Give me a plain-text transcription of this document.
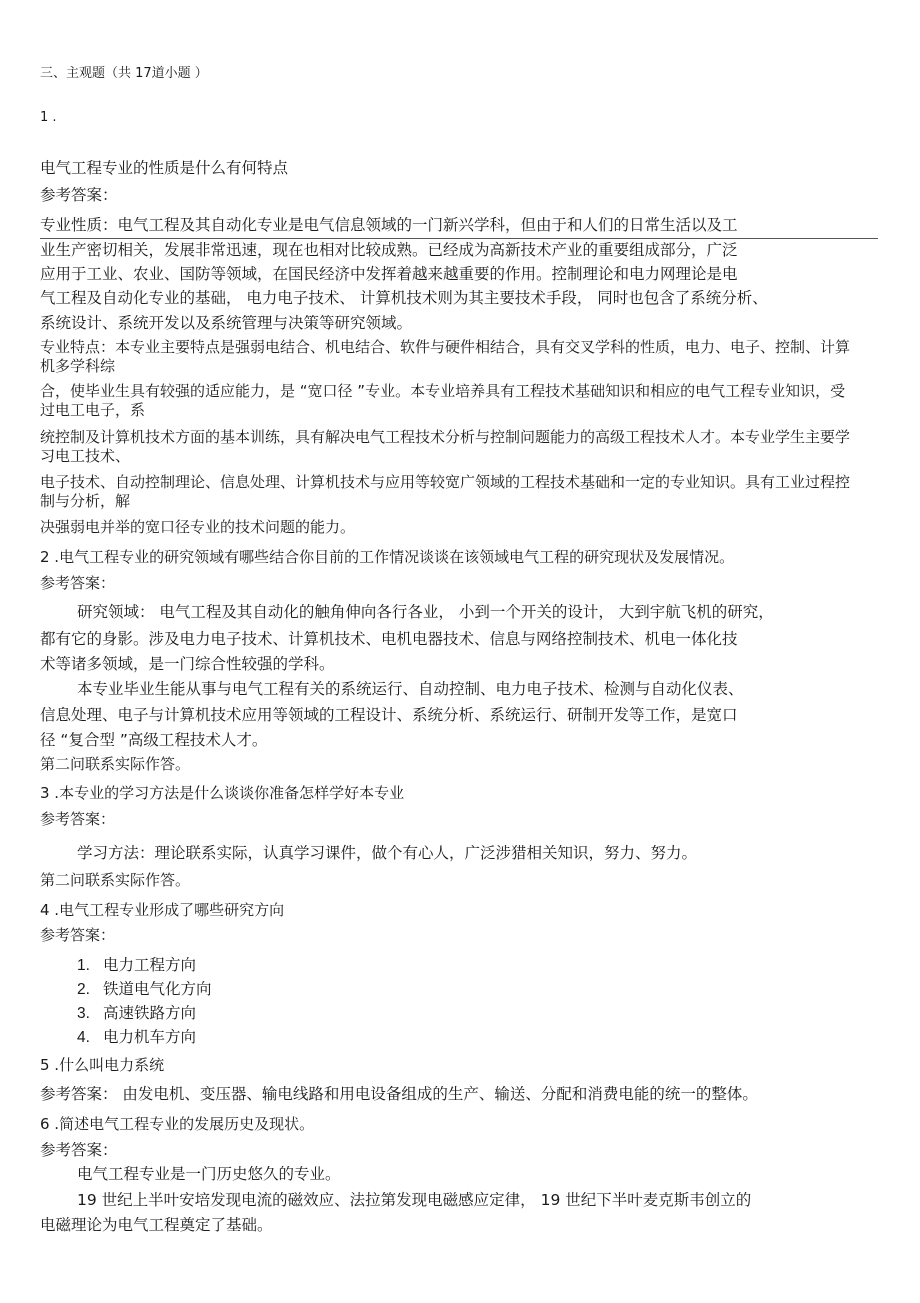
三、主观题（共 17道小题 ）
1 .
电气工程专业的性质是什么有何特点
参考答案：
专业性质：电气工程及其自动化专业是电气信息领域的一门新兴学科，但由于和人们的日常生活以及工
业生产密切相关，发展非常迅速，现在也相对比较成熟。已经成为高新技术产业的重要组成部分，广泛
应用于工业、农业、国防等领域，在国民经济中发挥着越来越重要的作用。控制理论和电力网理论是电
气工程及自动化专业的基础， 电力电子技术、 计算机技术则为其主要技术手段， 同时也包含了系统分析、
系统设计、系统开发以及系统管理与决策等研究领域。
专业特点：本专业主要特点是强弱电结合、机电结合、软件与硬件相结合，具有交叉学科的性质，电力、电子、控制、计算
机多学科综
合，使毕业生具有较强的适应能力，是 “宽口径 ”专业。本专业培养具有工程技术基础知识和相应的电气工程专业知识，受
过电工电子，系
统控制及计算机技术方面的基本训练，具有解决电气工程技术分析与控制问题能力的高级工程技术人才。本专业学生主要学
习电工技术、
电子技术、自动控制理论、信息处理、计算机技术与应用等较宽广领域的工程技术基础和一定的专业知识。具有工业过程控
制与分析，解
决强弱电并举的宽口径专业的技术问题的能力。
2 .电气工程专业的研究领域有哪些结合你目前的工作情况谈谈在该领域电气工程的研究现状及发展情况。
参考答案：
研究领域： 电气工程及其自动化的触角伸向各行各业， 小到一个开关的设计， 大到宇航飞机的研究，
都有它的身影。涉及电力电子技术、计算机技术、电机电器技术、信息与网络控制技术、机电一体化技
术等诸多领域，是一门综合性较强的学科。
本专业毕业生能从事与电气工程有关的系统运行、自动控制、电力电子技术、检测与自动化仪表、
信息处理、电子与计算机技术应用等领域的工程设计、系统分析、系统运行、研制开发等工作，是宽口
径 “复合型 ”高级工程技术人才。
第二问联系实际作答。
3 .本专业的学习方法是什么谈谈你准备怎样学好本专业
参考答案：
学习方法：理论联系实际，认真学习课件，做个有心人，广泛涉猎相关知识，努力、努力。
第二问联系实际作答。
4 .电气工程专业形成了哪些研究方向
参考答案：
1. 电力工程方向
2. 铁道电气化方向
3. 高速铁路方向
4. 电力机车方向
5 .什么叫电力系统
参考答案： 由发电机、变压器、输电线路和用电设备组成的生产、输送、分配和消费电能的统一的整体。
6 .简述电气工程专业的发展历史及现状。
参考答案：
电气工程专业是一门历史悠久的专业。
19 世纪上半叶安培发现电流的磁效应、法拉第发现电磁感应定律， 19 世纪下半叶麦克斯韦创立的
电磁理论为电气工程奠定了基础。
